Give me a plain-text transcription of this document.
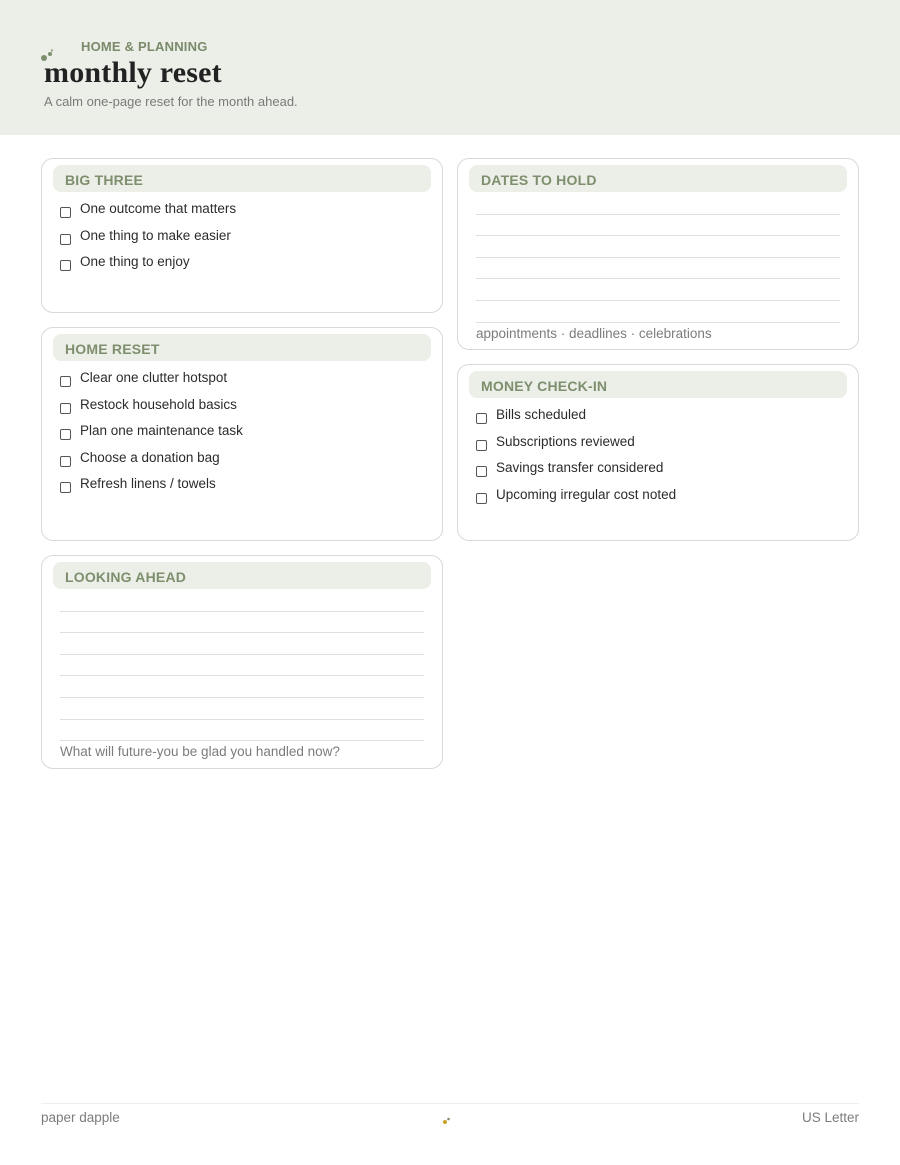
HOME & PLANNING
monthly reset
A calm one-page reset for the month ahead.
BIG THREE
One outcome that matters
One thing to make easier
One thing to enjoy
HOME RESET
Clear one clutter hotspot
Restock household basics
Plan one maintenance task
Choose a donation bag
Refresh linens / towels
LOOKING AHEAD
What will future-you be glad you handled now?
DATES TO HOLD
appointments · deadlines · celebrations
MONEY CHECK-IN
Bills scheduled
Subscriptions reviewed
Savings transfer considered
Upcoming irregular cost noted
paper dapple	US Letter
